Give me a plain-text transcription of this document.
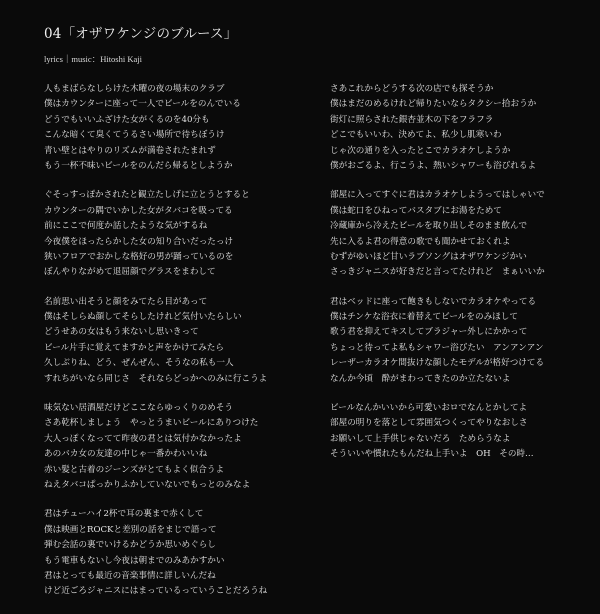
04「オザワケンジのブルース」
lyrics｜music：Hitoshi Kaji
人もまばらなしらけた木曜の夜の場末のクラブ
僕はカウンターに座って一人でビールをのんでいる
どうでもいいふざけた女がくるのを40分も
こんな暗くて臭くてうるさい場所で待ちぼうけ
青い壁とはやりのリズムが満卷されたまれず
もう一杯不味いビールをのんだら帰るとしようか
ぐそっすっぽかされたと観立たしげに立とうとすると
カウンターの隅でいかした女がタバコを吸ってる
前にここで何度か話したような気がするね
今夜僕をほったらかした女の知り合いだったっけ
狭いフロアでおかしな格好の男が踊っているのを
ぼんやりながめて退屈顔でグラスをまわして
名前思い出そうと顔をみてたら目があって
僕はそしらぬ顔してそらしたけれど気付いたらしい
どうせあの女はもう来ないし思いきって
ビール片手に覚えてますかと声をかけてみたら
久しぶりね、どう、ぜんぜん、そうなの私も一人
すれちがいなら同じさ　それならどっかへのみに行こうよ
味気ない居酒屋だけどここならゆっくりのめそう
さあ乾杯しましょう　やっとうまいビールにありつけた
大人っぽくなってて昨夜の君とは気付かなかったよ
あのバカ女の友達の中じゃ一番かわいいね
赤い髪と古着のジーンズがとてもよく似合うよ
ねえタバコぱっかりふかしていないでもっとのみなよ
君はチューハイ2杯で耳の裏まで赤くして
僕は映画とROCKと差別の話をまじで語って
弾む会話の裏でいけるかどうか思いめぐらし
もう電車もないし今夜は朝までのみあかすかい
君はとっても最近の音楽事情に詳しいんだね
けど近ごろジャニスにはまっているっていうことだろうね
さあこれからどうする次の店でも探そうか
僕はまだのめるけれど帰りたいならタクシー拾おうか
街灯に照らされた銀杏並木の下をフラフラ
どこでもいいわ、決めてよ、私少し肌寒いわ
じゃ次の通りを入ったとこでカラオケしようか
僕がおごるよ、行こうよ、熱いシャワーも浴びれるよ
部屋に入ってすぐに君はカラオケしようってはしゃいで
僕は蛇口をひねってバスタブにお湯をためて
冷蔵庫から冷えたビールを取り出しそのまま飲んで
先に入るよ君の得意の歌でも聞かせておくれよ
むずがゆいほど甘いラブソングはオザワケンジかい
さっきジャニスが好きだと言ってたけれど　まぁいいか
君はベッドに座って飽きもしないでカラオケやってる
僕はチンケな浴衣に着替えてビールをのみほして
歌う君を抑えてキスしてブラジャー外しにかかって
ちょっと待ってよ私もシャワー浴びたい　アンアンアン
レーザーカラオケ間抜けな顔したモデルが格好つけてる
なんか今頃　酔がまわってきたのか立たないよ
ビールなんかいいから可愛いおロでなんとかしてよ
部屋の明りを落として雰囲気つくってやりなおしさ
お願いして上手供じゃないだろ　ためらうなよ
そういいや慣れたもんだね上手いよ　OH　その時…
